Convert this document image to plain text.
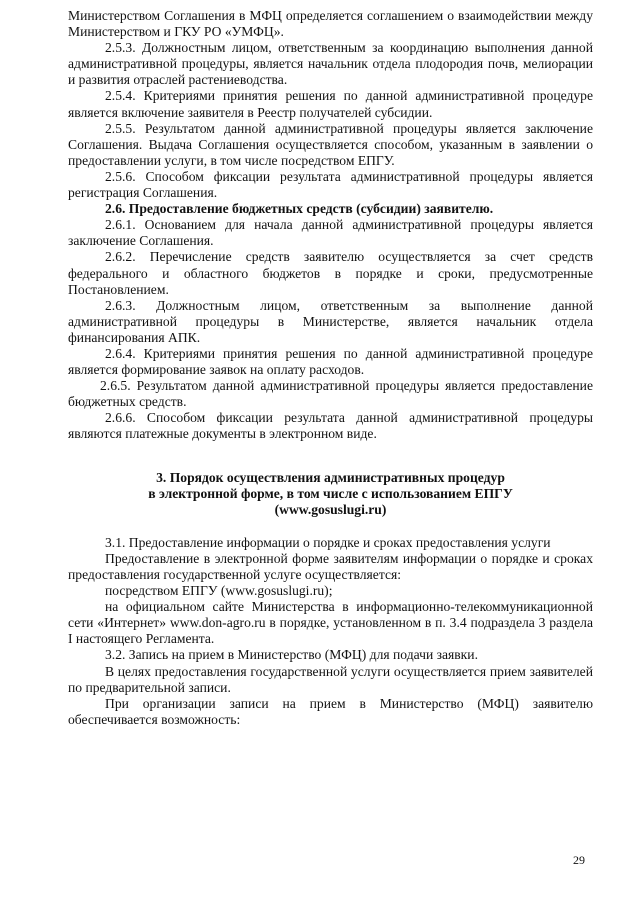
Министерством Соглашения в МФЦ определяется соглашением о взаимодействии между Министерством и ГКУ РО «УМФЦ».

2.5.3. Должностным лицом, ответственным за координацию выполнения данной административной процедуры, является начальник отдела плодородия почв, мелиорации и развития отраслей растениеводства.

2.5.4. Критериями принятия решения по данной административной процедуре является включение заявителя в Реестр получателей субсидии.

2.5.5. Результатом данной административной процедуры является заключение Соглашения. Выдача Соглашения осуществляется способом, указанным в заявлении о предоставлении услуги, в том числе посредством ЕПГУ.

2.5.6. Способом фиксации результата административной процедуры является регистрация Соглашения.

2.6. Предоставление бюджетных средств (субсидии) заявителю.

2.6.1. Основанием для начала данной административной процедуры является заключение Соглашения.

2.6.2. Перечисление средств заявителю осуществляется за счет средств федерального и областного бюджетов в порядке и сроки, предусмотренные Постановлением.

2.6.3. Должностным лицом, ответственным за выполнение данной административной процедуры в Министерстве, является начальник отдела финансирования АПК.

2.6.4. Критериями принятия решения по данной административной процедуре является формирование заявок на оплату расходов.

2.6.5. Результатом данной административной процедуры является предоставление бюджетных средств.

2.6.6. Способом фиксации результата данной административной процедуры являются платежные документы в электронном виде.

3. Порядок осуществления административных процедур

в электронной форме, в том числе с использованием ЕПГУ

(www.gosuslugi.ru)

3.1. Предоставление информации о порядке и сроках предоставления услуги

Предоставление в электронной форме заявителям информации о порядке и сроках предоставления государственной услуге осуществляется:

посредством ЕПГУ (www.gosuslugi.ru);

на официальном сайте Министерства в информационно-телекоммуникационной сети «Интернет» www.don-agro.ru в порядке, установленном в п. 3.4 подраздела 3 раздела I настоящего Регламента.

3.2. Запись на прием в Министерство (МФЦ) для подачи заявки.

В целях предоставления государственной услуги осуществляется прием заявителей по предварительной записи.

При организации записи на прием в Министерство (МФЦ) заявителю обеспечивается возможность:

29
